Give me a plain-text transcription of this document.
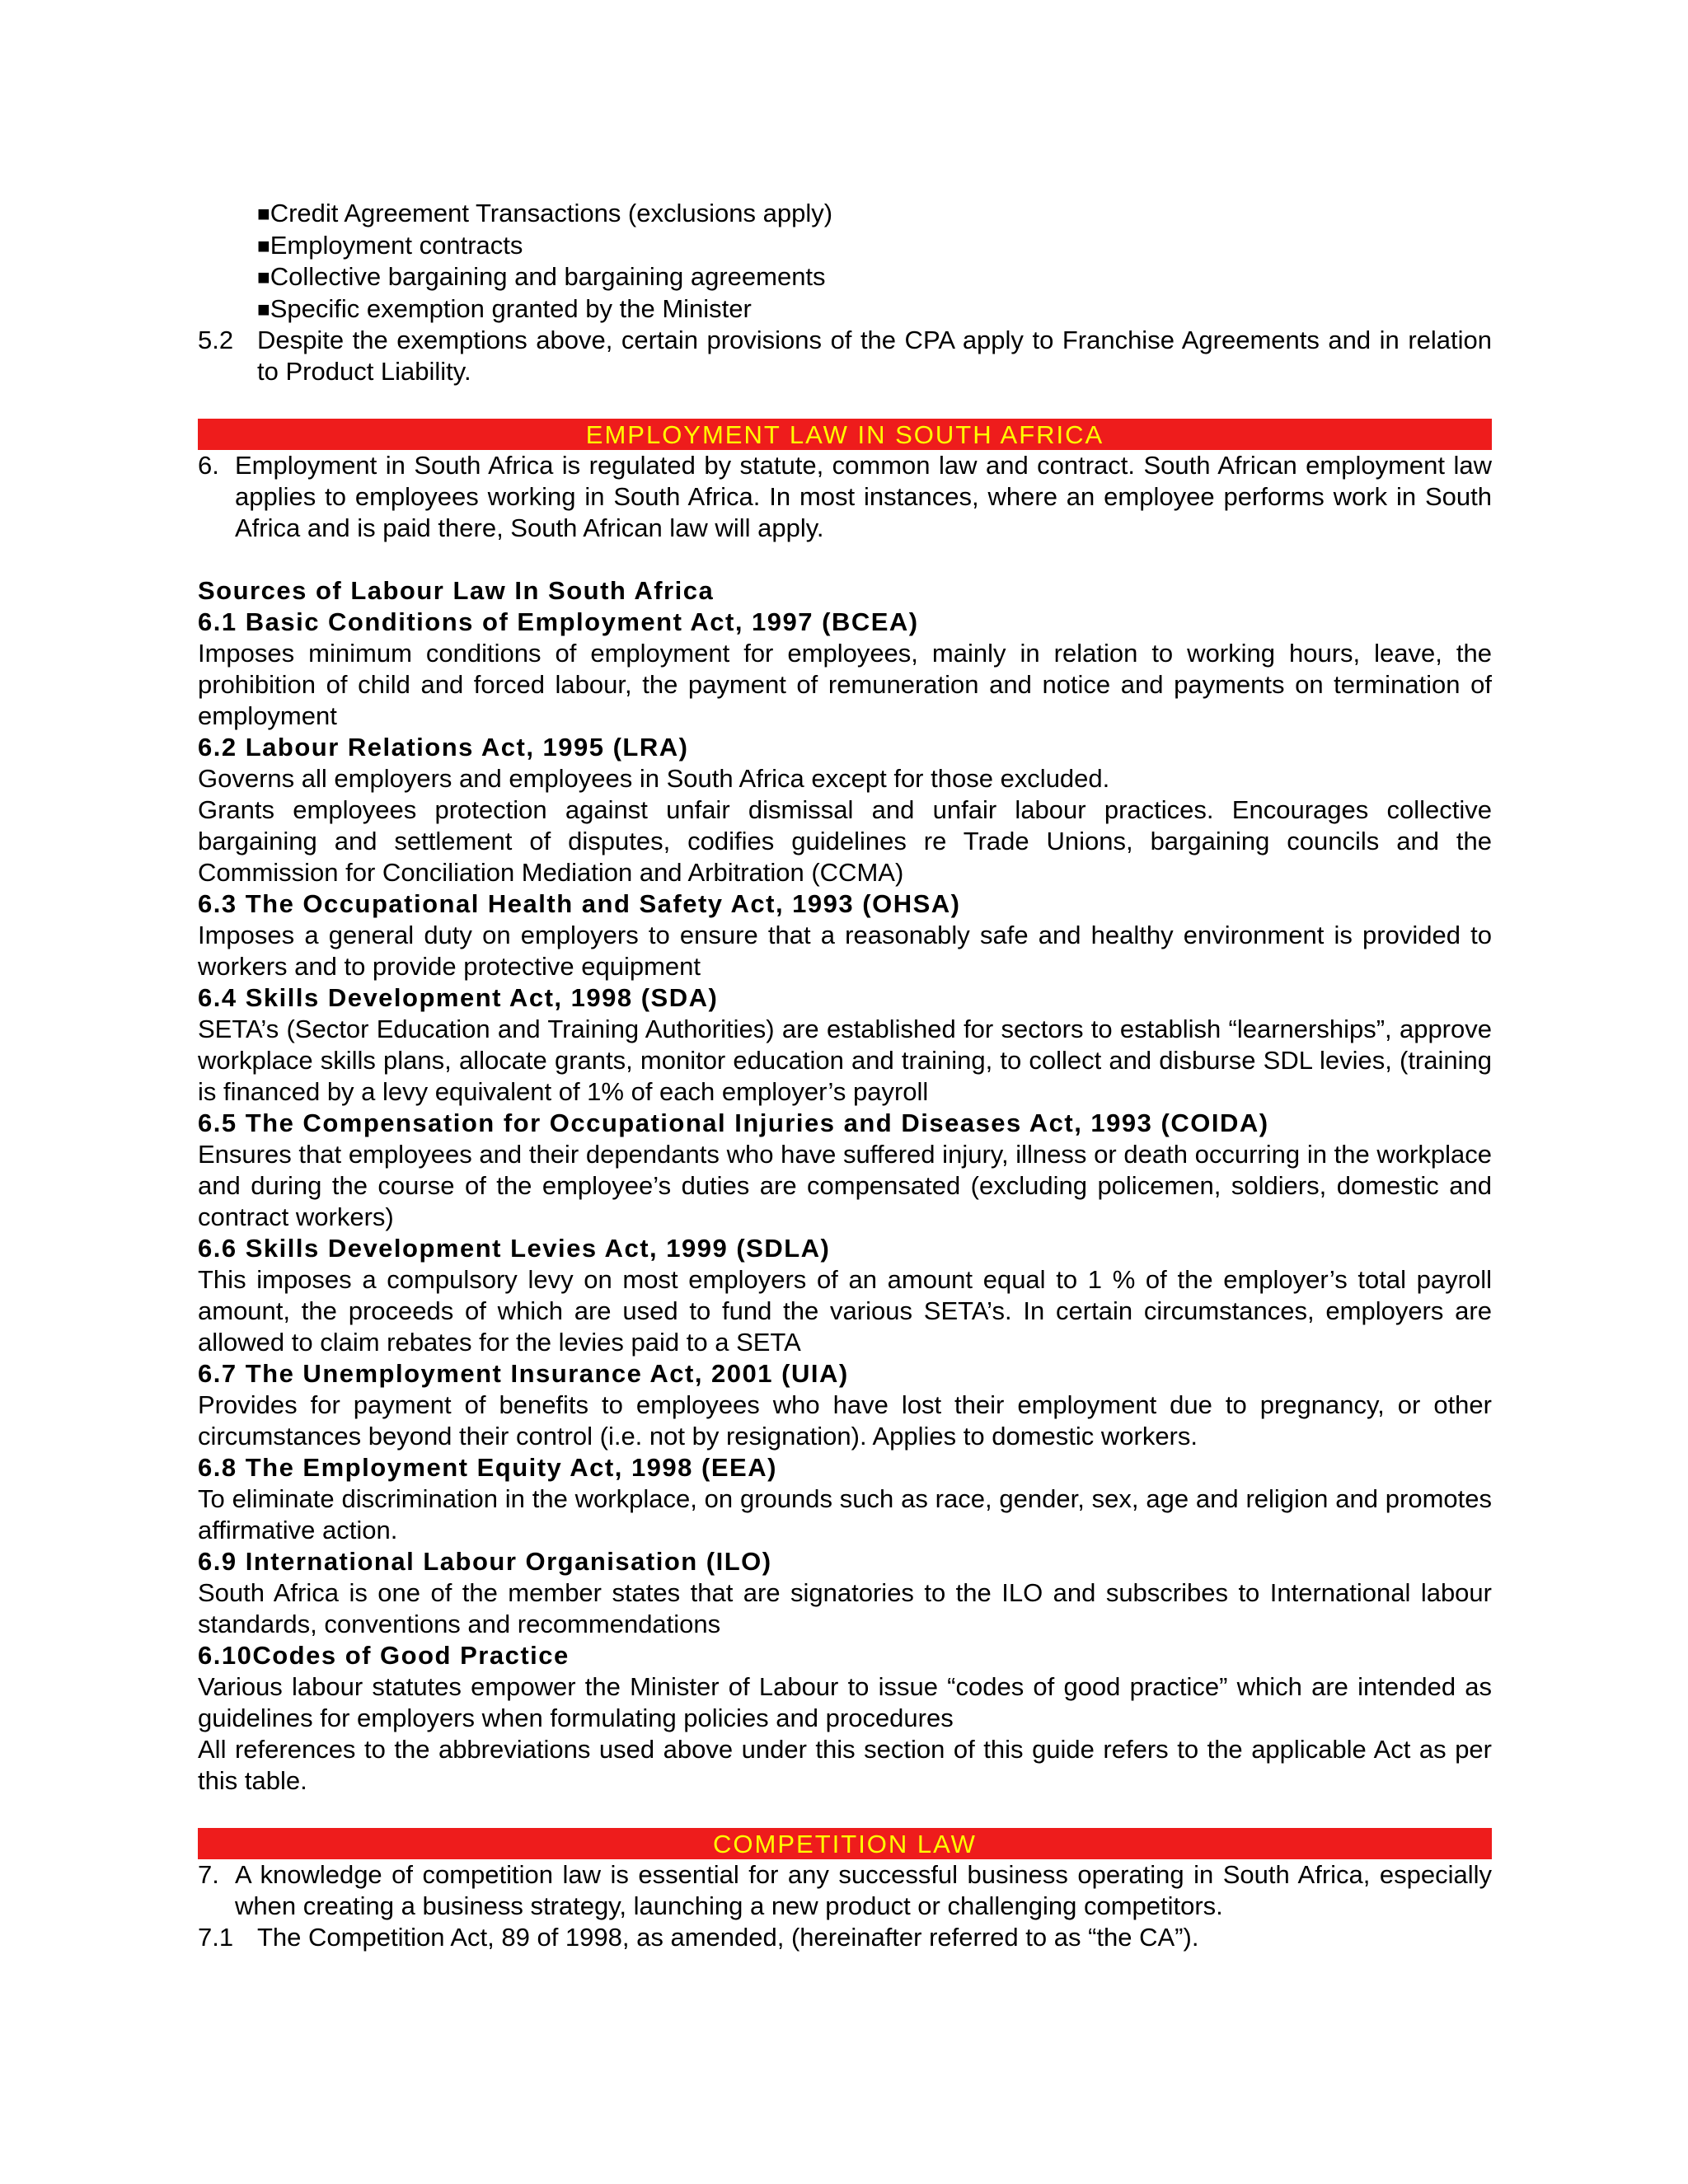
■Credit Agreement Transactions (exclusions apply)

■Employment contracts

■Collective bargaining and bargaining agreements

■Specific exemption granted by the Minister

5.2 Despite the exemptions above, certain provisions of the CPA apply to Franchise Agreements and in relation to Product Liability.
EMPLOYMENT LAW IN SOUTH AFRICA
6. Employment in South Africa is regulated by statute, common law and contract. South African employment law applies to employees working in South Africa. In most instances, where an employee performs work in South Africa and is paid there, South African law will apply.

Sources of Labour Law In South Africa

6.1 Basic Conditions of Employment Act, 1997 (BCEA)

Imposes minimum conditions of employment for employees, mainly in relation to working hours, leave, the prohibition of child and forced labour, the payment of remuneration and notice and payments on termination of employment

6.2 Labour Relations Act, 1995 (LRA)

Governs all employers and employees in South Africa except for those excluded.

Grants employees protection against unfair dismissal and unfair labour practices. Encourages collective bargaining and settlement of disputes, codifies guidelines re Trade Unions, bargaining councils and the Commission for Conciliation Mediation and Arbitration (CCMA)

6.3 The Occupational Health and Safety Act, 1993 (OHSA)

Imposes a general duty on employers to ensure that a reasonably safe and healthy environment is provided to workers and to provide protective equipment

6.4 Skills Development Act, 1998 (SDA)

SETA’s (Sector Education and Training Authorities) are established for sectors to establish “learnerships”, approve workplace skills plans, allocate grants, monitor education and training, to collect and disburse SDL levies, (training is financed by a levy equivalent of 1% of each employer’s payroll

6.5 The Compensation for Occupational Injuries and Diseases Act, 1993 (COIDA)

Ensures that employees and their dependants who have suffered injury, illness or death occurring in the workplace and during the course of the employee’s duties are compensated (excluding policemen, soldiers, domestic and contract workers)

6.6 Skills Development Levies Act, 1999 (SDLA)

This imposes a compulsory levy on most employers of an amount equal to 1 % of the employer’s total payroll amount, the proceeds of which are used to fund the various SETA’s. In certain circumstances, employers are allowed to claim rebates for the levies paid to a SETA

6.7 The Unemployment Insurance Act, 2001 (UIA)

Provides for payment of benefits to employees who have lost their employment due to pregnancy, or other circumstances beyond their control (i.e. not by resignation). Applies to domestic workers.

6.8 The Employment Equity Act, 1998 (EEA)

To eliminate discrimination in the workplace, on grounds such as race, gender, sex, age and religion and promotes affirmative action.

6.9 International Labour Organisation (ILO)

South Africa is one of the member states that are signatories to the ILO and subscribes to International labour standards, conventions and recommendations

6.10Codes of Good Practice

Various labour statutes empower the Minister of Labour to issue “codes of good practice” which are intended as guidelines for employers when formulating policies and procedures

All references to the abbreviations used above under this section of this guide refers to the applicable Act as per this table.

COMPETITION LAW
7. A knowledge of competition law is essential for any successful business operating in South Africa, especially when creating a business strategy, launching a new product or challenging competitors.
7.1 The Competition Act, 89 of 1998, as amended, (hereinafter referred to as “the CA”).
